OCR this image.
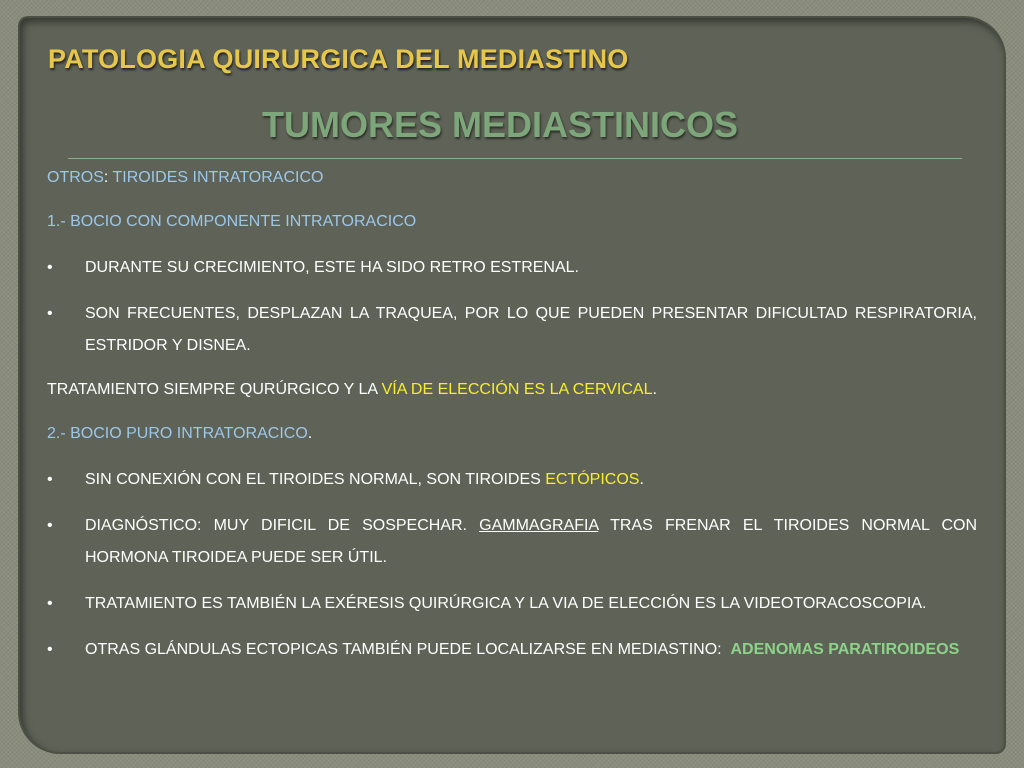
PATOLOGIA QUIRURGICA DEL MEDIASTINO
TUMORES MEDIASTINICOS

OTROS: TIROIDES INTRATORACICO

1.- BOCIO CON COMPONENTE INTRATORACICO

•	DURANTE SU CRECIMIENTO, ESTE HA SIDO RETRO ESTRENAL.
•	SON FRECUENTES, DESPLAZAN LA TRAQUEA, POR LO QUE PUEDEN PRESENTAR DIFICULTAD RESPIRATORIA, ESTRIDOR Y DISNEA.

TRATAMIENTO SIEMPRE QURÚRGICO Y LA VÍA DE ELECCIÓN ES LA CERVICAL.

2.- BOCIO PURO INTRATORACICO.

•	SIN CONEXIÓN CON EL TIROIDES NORMAL, SON TIROIDES ECTÓPICOS.
•	DIAGNÓSTICO: MUY DIFICIL DE SOSPECHAR. GAMMAGRAFIA TRAS FRENAR EL TIROIDES NORMAL CON HORMONA TIROIDEA PUEDE SER ÚTIL.
•	TRATAMIENTO ES TAMBIÉN LA EXÉRESIS QUIRÚRGICA Y LA VIA DE ELECCIÓN ES LA VIDEOTORACOSCOPIA.
•	OTRAS GLÁNDULAS ECTOPICAS TAMBIÉN PUEDE LOCALIZARSE EN MEDIASTINO:  ADENOMAS PARATIROIDEOS
